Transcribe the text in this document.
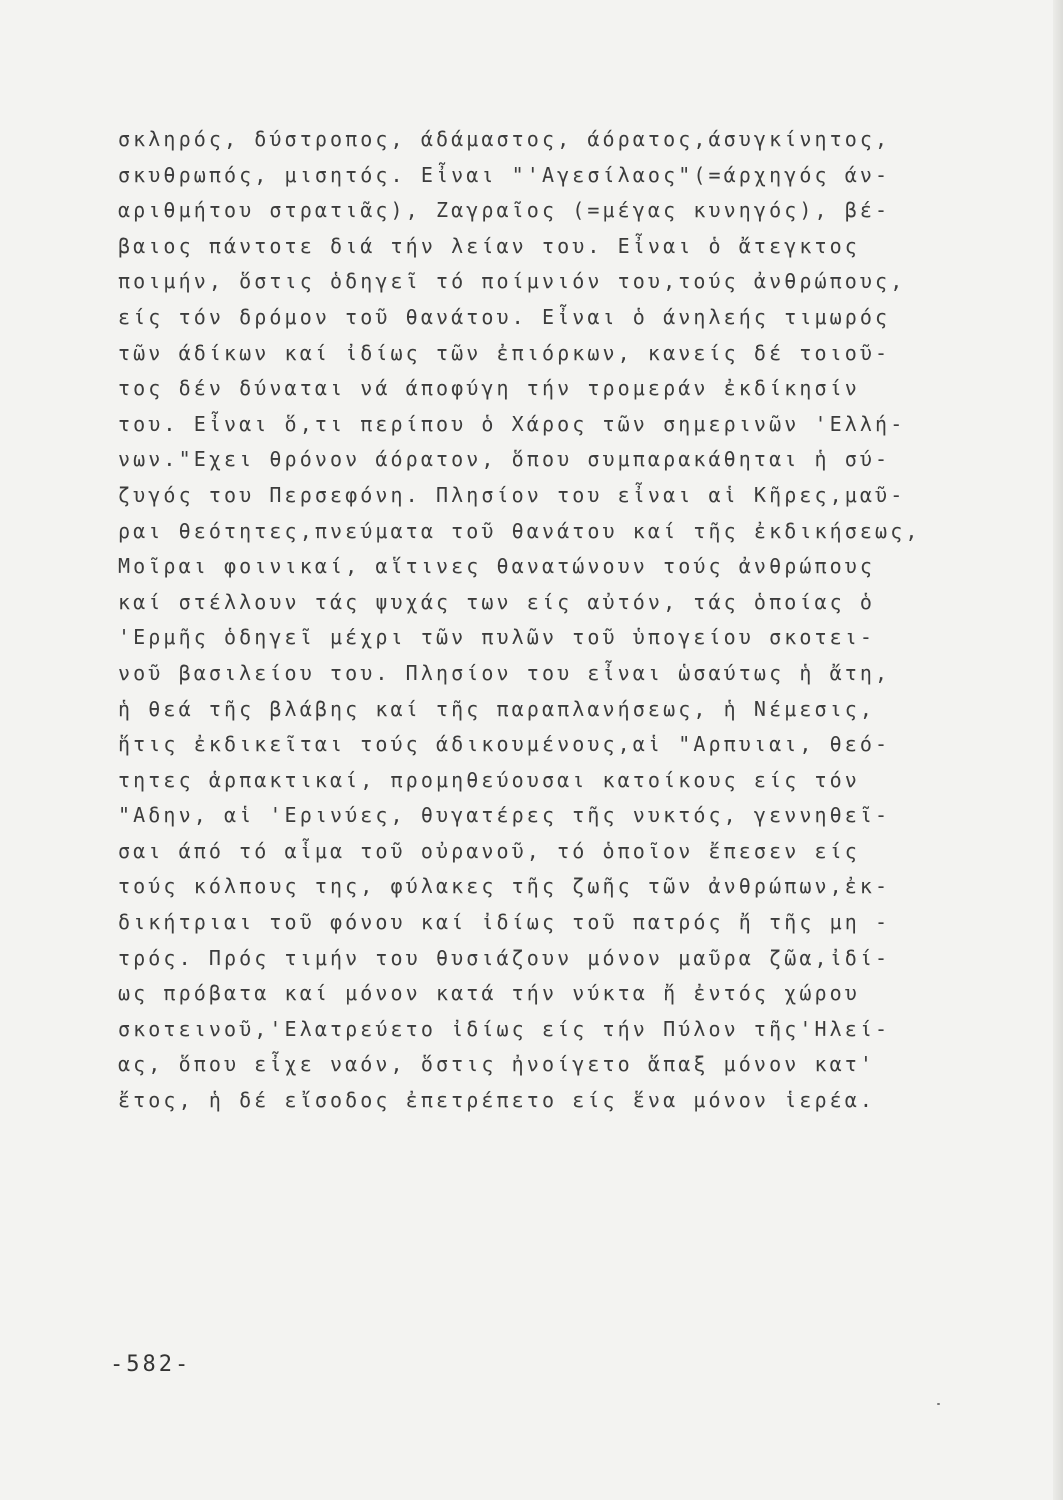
σκληρός, δύστροπος, άδάμαστος, άόρατος,άσυγκίνητος,
σκυθρωπός, μισητός. Εἶναι "'Αγεσίλαος"(=άρχηγός άν-
αριθμήτου στρατιᾶς), Ζαγραῖος (=μέγας κυνηγός), βέ-
βαιος πάντοτε διά τήν λείαν του. Εἶναι ὁ ἄτεγκτος
ποιμήν, ὅστις ὁδηγεῖ τό ποίμνιόν του,τούς ἀνθρώπους,
είς τόν δρόμον τοῦ θανάτου. Εἶναι ὁ άνηλεής τιμωρός
τῶν άδίκων καί ἰδίως τῶν ἐπιόρκων, κανείς δέ τοιοῦ-
τος δέν δύναται νά άποφύγη τήν τρομεράν ἐκδίκησίν
του. Εἶναι ὅ,τι περίπου ὁ Χάρος τῶν σημερινῶν 'Ελλή-
νων."Εχει θρόνον άόρατον, ὅπου συμπαρακάθηται ἡ σύ-
ζυγός του Περσεφόνη. Πλησίον του εἶναι αἱ Κῆρες,μαῦ-
ραι θεότητες,πνεύματα τοῦ θανάτου καί τῆς ἐκδικήσεως,
Μοῖραι φοινικαί, αἵτινες θανατώνουν τούς ἀνθρώπους
καί στέλλουν τάς ψυχάς των είς αὐτόν, τάς ὁποίας ὁ
'Ερμῆς ὁδηγεῖ μέχρι τῶν πυλῶν τοῦ ὑπογείου σκοτει-
νοῦ βασιλείου του. Πλησίον του εἶναι ὡσαύτως ἡ ἄτη,
ἡ θεά τῆς βλάβης καί τῆς παραπλανήσεως, ἡ Νέμεσις,
ἥτις ἐκδικεῖται τούς άδικουμένους,αἱ "Αρπυιαι, θεό-
τητες ἁρπακτικαί, προμηθεύουσαι κατοίκους είς τόν
"Αδην, αἱ 'Ερινύες, θυγατέρες τῆς νυκτός, γεννηθεῖ-
σαι άπό τό αἷμα τοῦ οὐρανοῦ, τό ὁποῖον ἔπεσεν είς
τούς κόλπους της, φύλακες τῆς ζωῆς τῶν ἀνθρώπων,ἐκ-
δικήτριαι τοῦ φόνου καί ἰδίως τοῦ πατρός ἤ τῆς μη -
τρός. Πρός τιμήν του θυσιάζουν μόνον μαῦρα ζῶα,ἰδί-
ως πρόβατα καί μόνον κατά τήν νύκτα ἤ ἐντός χώρου
σκοτεινοῦ,'Ελατρεύετο ἰδίως είς τήν Πύλον τῆς'Ηλεί-
ας, ὅπου εἶχε ναόν, ὅστις ἠνοίγετο ἅπαξ μόνον κατ'
ἔτος, ἡ δέ εἴσοδος ἐπετρέπετο είς ἕνα μόνον ἱερέα.
-582-
